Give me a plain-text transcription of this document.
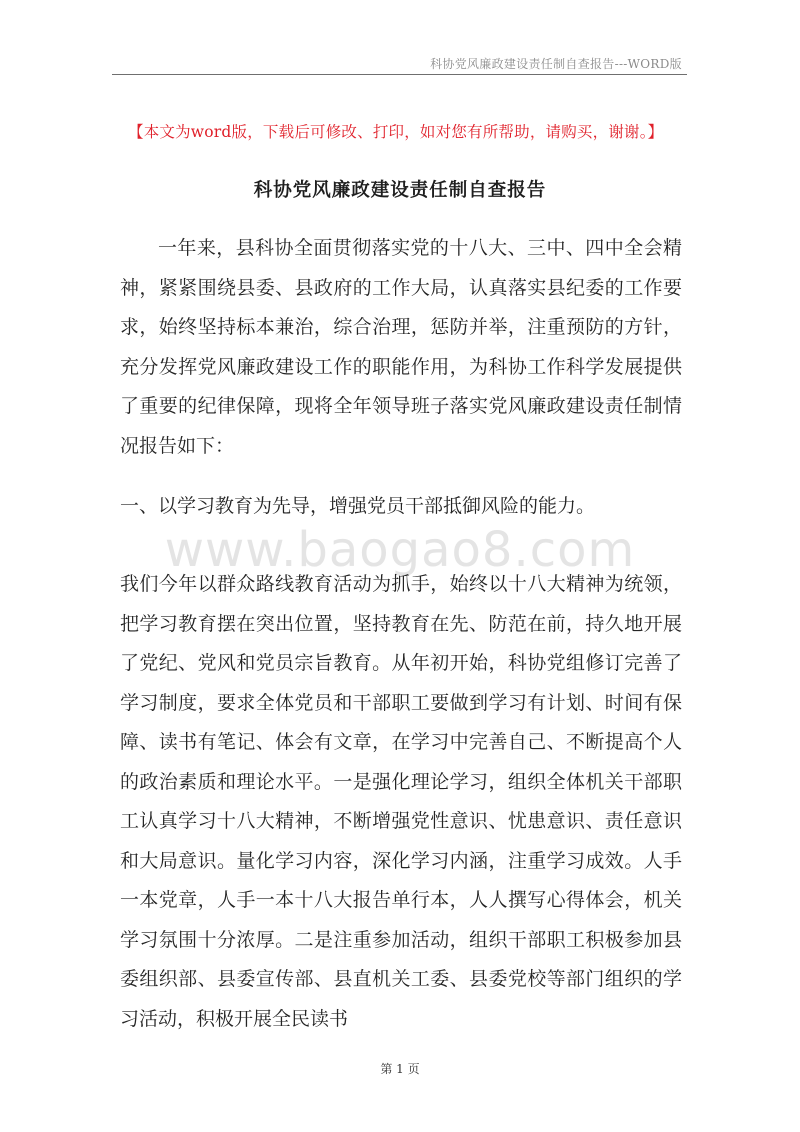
科协党风廉政建设责任制自查报告---WORD版
【本文为word版，下载后可修改、打印，如对您有所帮助，请购买，谢谢。】
科协党风廉政建设责任制自查报告

一年来，县科协全面贯彻落实党的十八大、三中、四中全会精神，紧紧围绕县委、县政府的工作大局，认真落实县纪委的工作要求，始终坚持标本兼治，综合治理，惩防并举，注重预防的方针，充分发挥党风廉政建设工作的职能作用，为科协工作科学发展提供了重要的纪律保障，现将全年领导班子落实党风廉政建设责任制情况报告如下：

一、以学习教育为先导，增强党员干部抵御风险的能力。
www.baogao8.com

我们今年以群众路线教育活动为抓手，始终以十八大精神为统领，把学习教育摆在突出位置，坚持教育在先、防范在前，持久地开展了党纪、党风和党员宗旨教育。从年初开始，科协党组修订完善了学习制度，要求全体党员和干部职工要做到学习有计划、时间有保障、读书有笔记、体会有文章，在学习中完善自己、不断提高个人的政治素质和理论水平。一是强化理论学习，组织全体机关干部职工认真学习十八大精神，不断增强党性意识、忧患意识、责任意识和大局意识。量化学习内容，深化学习内涵，注重学习成效。人手一本党章，人手一本十八大报告单行本，人人撰写心得体会，机关学习氛围十分浓厚。二是注重参加活动，组织干部职工积极参加县委组织部、县委宣传部、县直机关工委、县委党校等部门组织的学习活动，积极开展全民读书

第 1 页
